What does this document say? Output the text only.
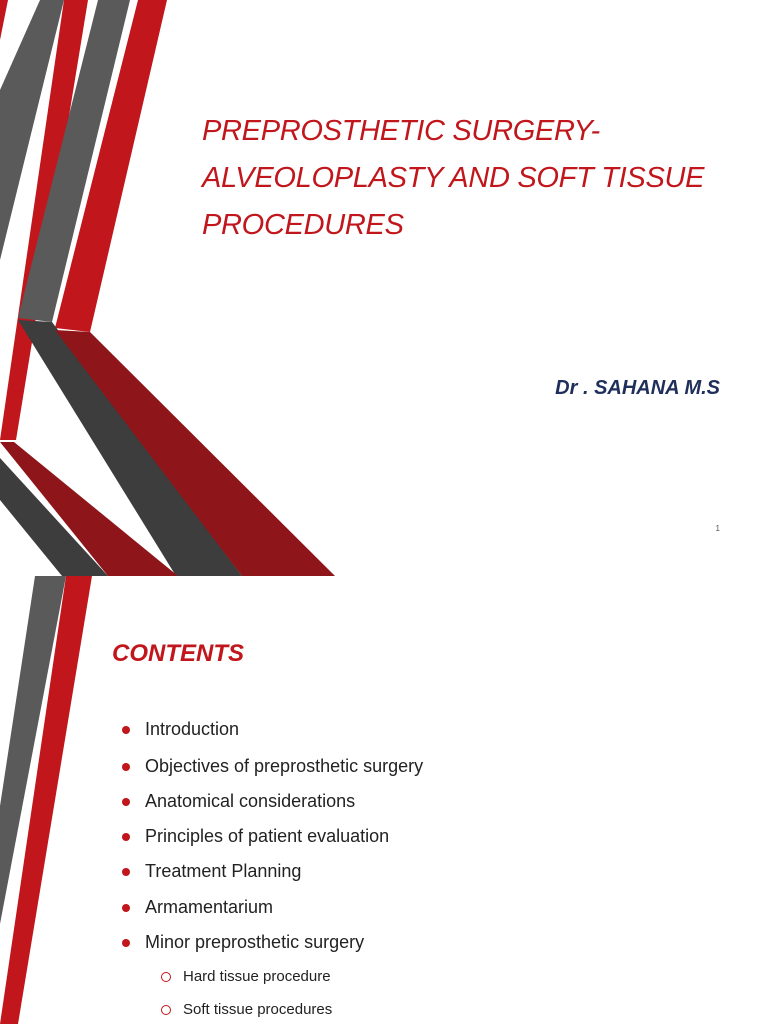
PREPROSTHETIC SURGERY-
ALVEOLOPLASTY AND SOFT TISSUE
PROCEDURES
Dr . SAHANA M.S
1
CONTENTS
Introduction
Objectives of preprosthetic surgery
Anatomical considerations
Principles of patient evaluation
Treatment Planning
Armamentarium
Minor preprosthetic surgery
Hard tissue procedure
Soft tissue procedures
